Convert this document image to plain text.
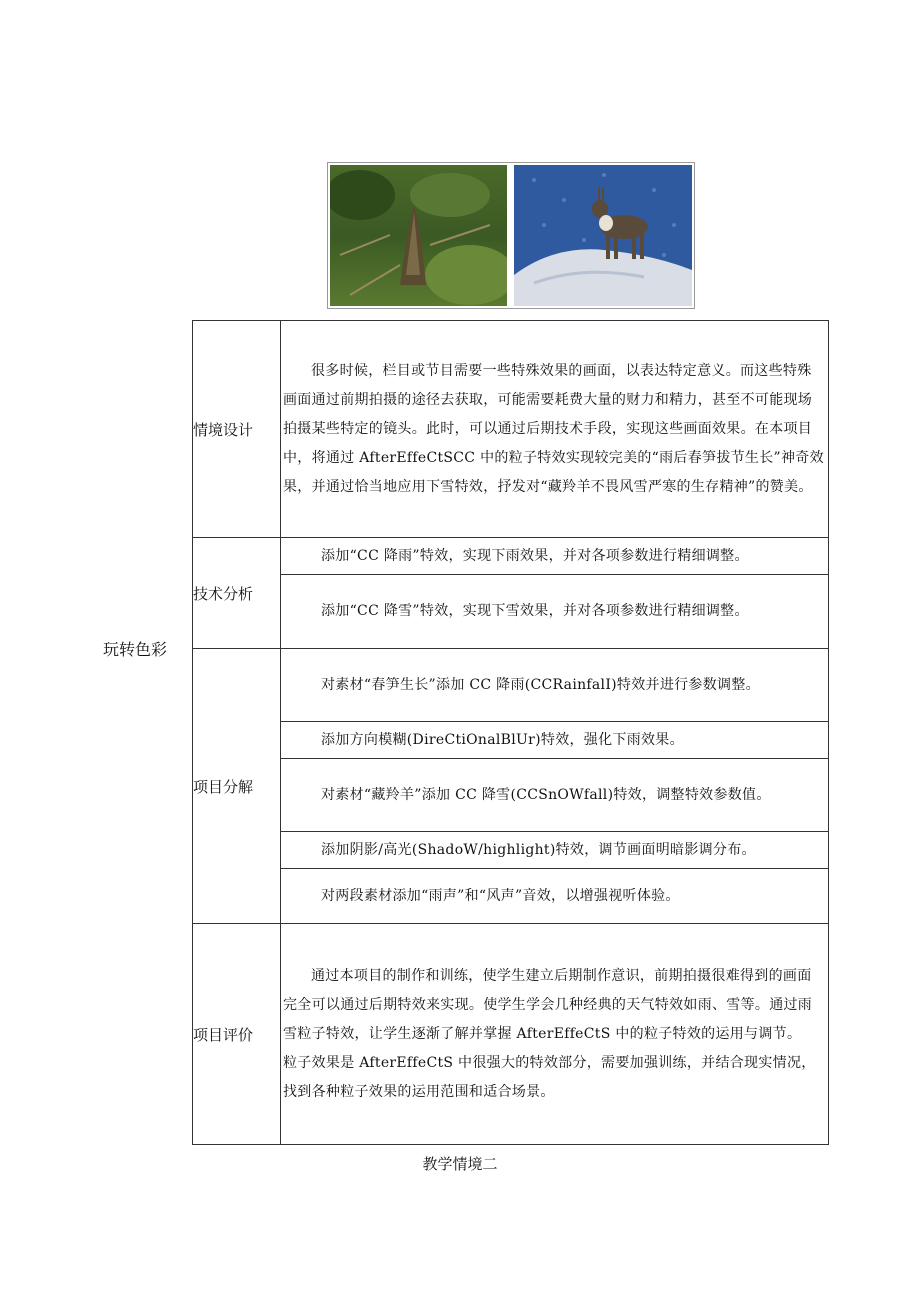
玩转色彩
情境设计	很多时候，栏目或节目需要一些特殊效果的画面，以表达特定意义。而这些特殊画面通过前期拍摄的途径去获取，可能需要耗费大量的财力和精力，甚至不可能现场拍摄某些特定的镜头。此时，可以通过后期技术手段，实现这些画面效果。在本项目中，将通过 AfterEffeCtSCC 中的粒子特效实现较完美的“雨后春笋拔节生长”神奇效果，并通过恰当地应用下雪特效，抒发对“藏羚羊不畏风雪严寒的生存精神”的赞美。

技术分析	添加“CC 降雨”特效，实现下雨效果，并对各项参数进行精细调整。

	添加“CC 降雪”特效，实现下雪效果，并对各项参数进行精细调整。

项目分解	对素材“春笋生长”添加 CC 降雨(CCRainfalI)特效并进行参数调整。

	添加方向模糊(DireCtiOnalBlUr)特效，强化下雨效果。

	对素材“藏羚羊”添加 CC 降雪(CCSnOWfall)特效，调整特效参数值。

	添加阴影/高光(ShadoW/highlight)特效，调节画面明暗影调分布。

	对两段素材添加“雨声”和“风声”音效，以增强视听体验。

项目评价	通过本项目的制作和训练，使学生建立后期制作意识，前期拍摄很难得到的画面完全可以通过后期特效来实现。使学生学会几种经典的天气特效如雨、雪等。通过雨雪粒子特效，让学生逐渐了解并掌握 AfterEffeCtS 中的粒子特效的运用与调节。

粒子效果是 AfterEffeCtS 中很强大的特效部分，需要加强训练，并结合现实情况，找到各种粒子效果的运用范围和适合场景。

教学情境二
